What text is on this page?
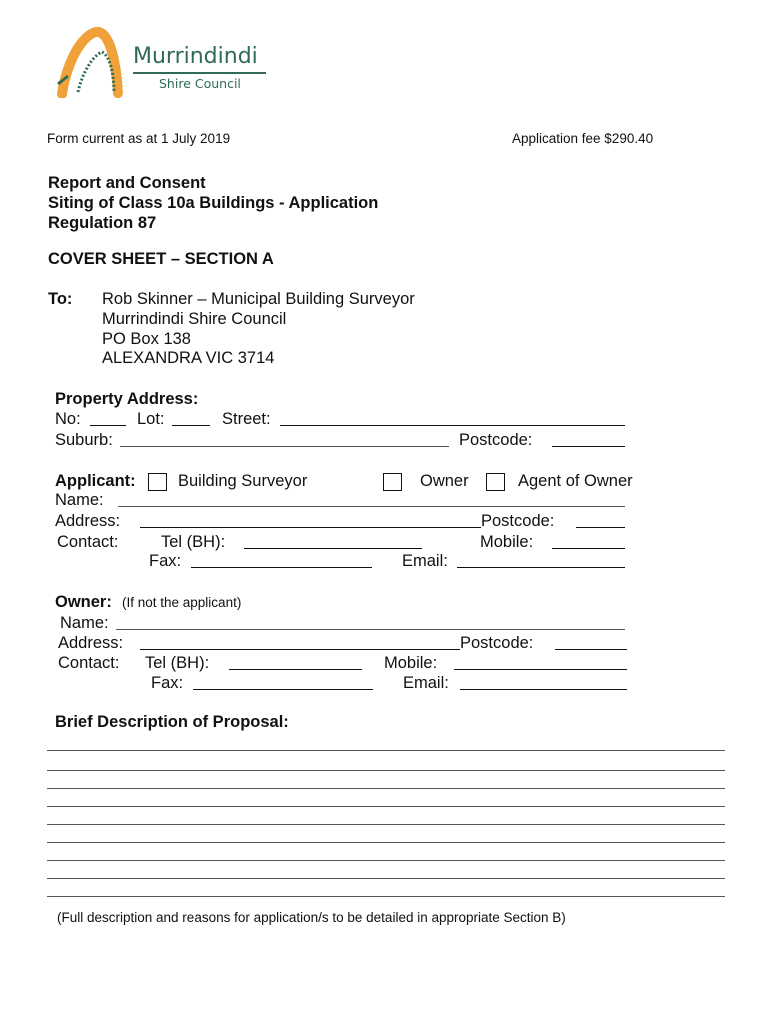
Murrindindi
Shire Council
Form current as at 1 July 2019	Application fee $290.40
Report and Consent
Siting of Class 10a Buildings - Application
Regulation 87
COVER SHEET – SECTION A
To: Rob Skinner – Municipal Building Surveyor
Murrindindi Shire Council
PO Box 138
ALEXANDRA VIC 3714
Property Address:
No:	Lot:	Street:
Suburb:	Postcode:
Applicant:	Building Surveyor	Owner	Agent of Owner
Name:
Address:	Postcode:
Contact:	Tel (BH):	Mobile:
Fax:	Email:
Owner: (If not the applicant)
Name:
Address:	Postcode:
Contact: Tel (BH):	Mobile:
Fax:	Email:
Brief Description of Proposal:
(Full description and reasons for application/s to be detailed in appropriate Section B)
